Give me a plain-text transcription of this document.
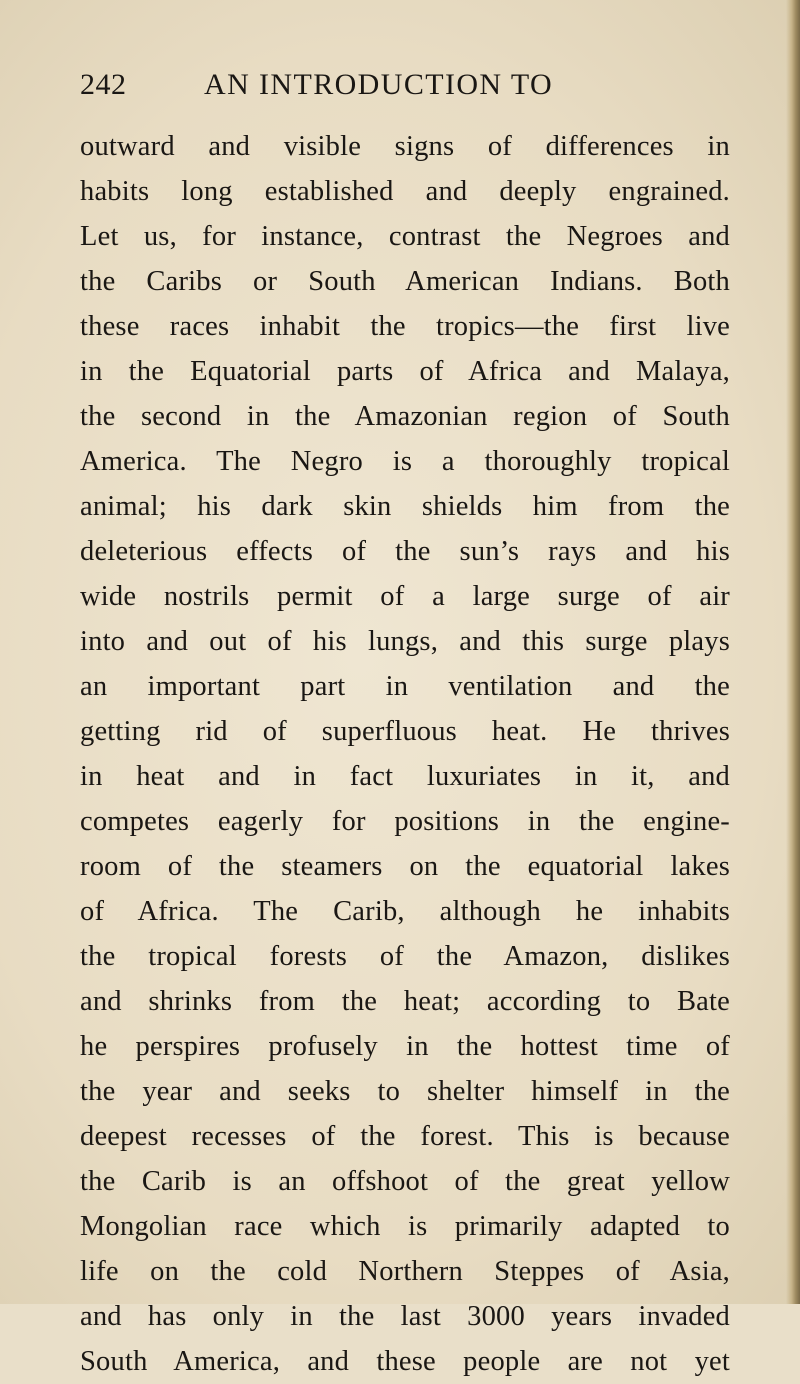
242	AN INTRODUCTION TO
outward and visible signs of differences in
habits long established and deeply engrained.
Let us, for instance, contrast the Negroes and
the Caribs or South American Indians. Both
these races inhabit the tropics—the first live
in the Equatorial parts of Africa and Malaya,
the second in the Amazonian region of South
America. The Negro is a thoroughly tropical
animal; his dark skin shields him from the
deleterious effects of the sun’s rays and his
wide nostrils permit of a large surge of air
into and out of his lungs, and this surge plays
an important part in ventilation and the
getting rid of superfluous heat. He thrives
in heat and in fact luxuriates in it, and
competes eagerly for positions in the engine-
room of the steamers on the equatorial lakes
of Africa. The Carib, although he inhabits
the tropical forests of the Amazon, dislikes
and shrinks from the heat; according to Bate
he perspires profusely in the hottest time of
the year and seeks to shelter himself in the
deepest recesses of the forest. This is because
the Carib is an offshoot of the great yellow
Mongolian race which is primarily adapted to
life on the cold Northern Steppes of Asia,
and has only in the last 3000 years invaded
South America, and these people are not yet
